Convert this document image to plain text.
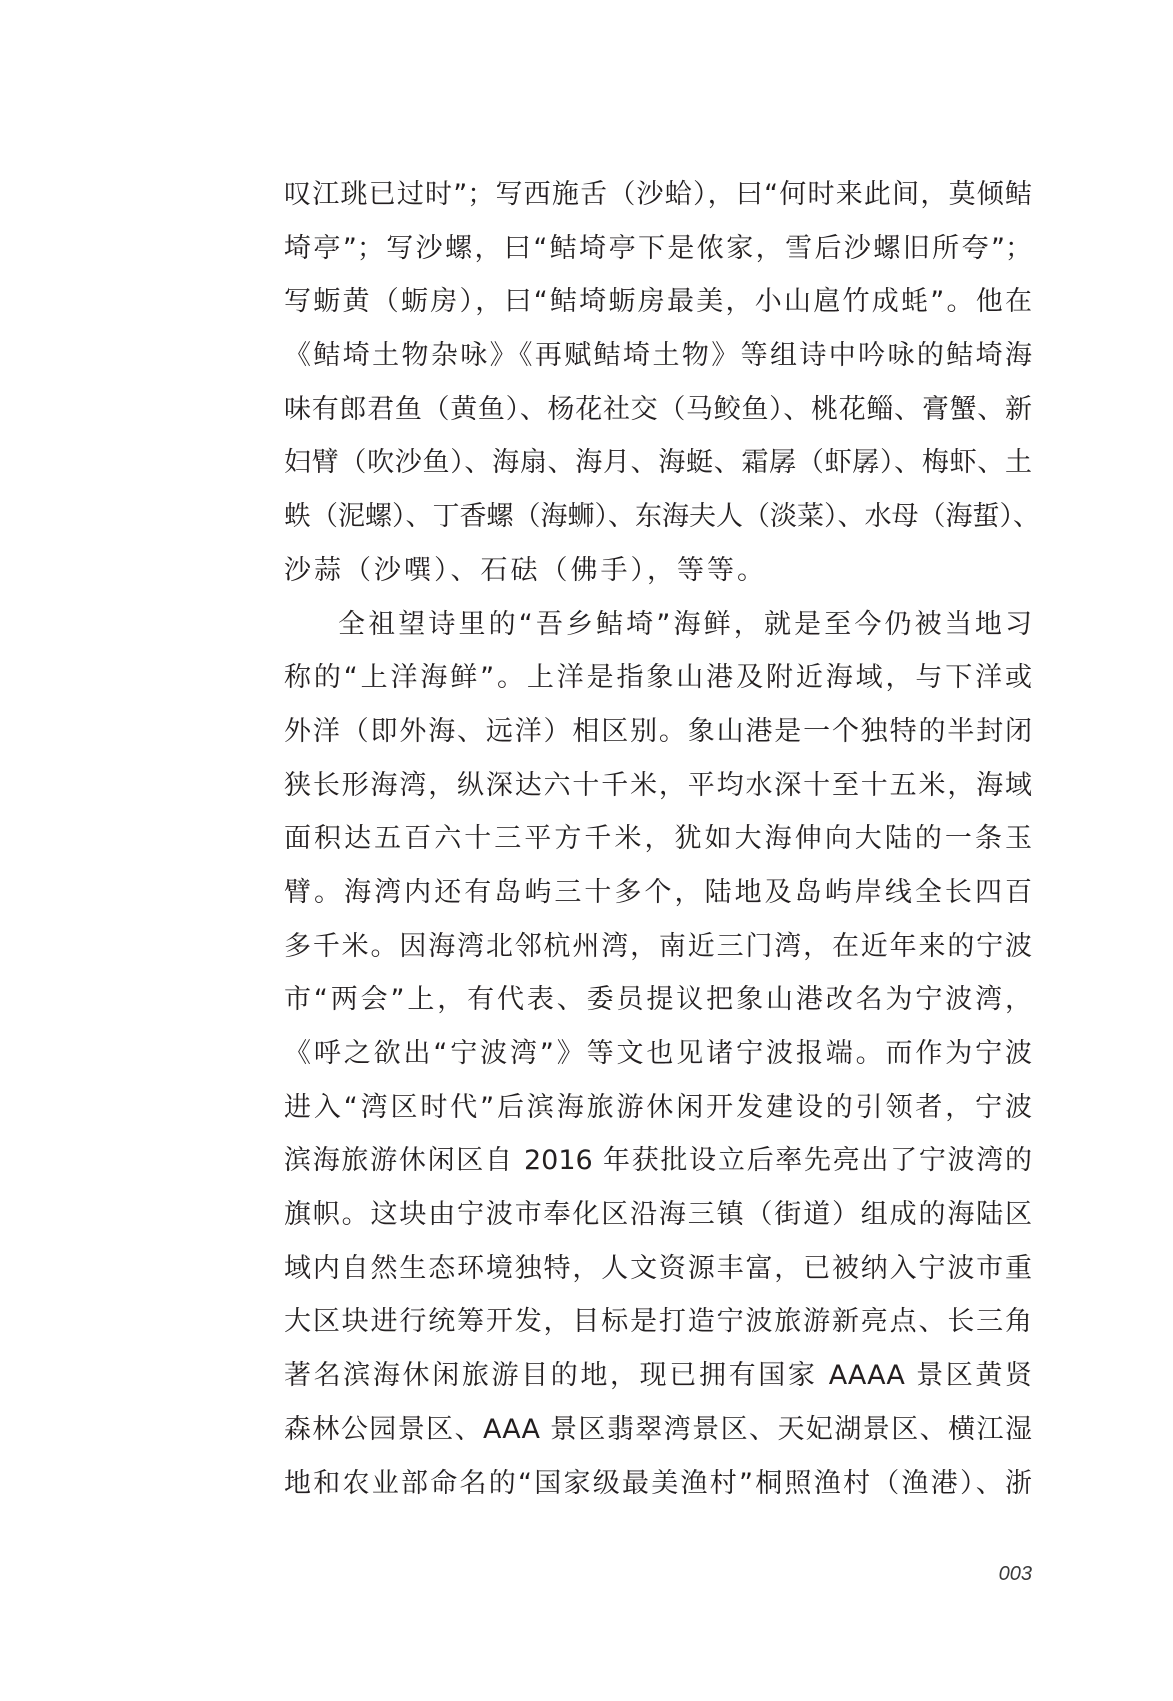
叹江珧已过时”；写西施舌（沙蛤），曰“何时来此间，莫倾鲒
埼亭”；写沙螺，曰“鲒埼亭下是侬家，雪后沙螺旧所夸”；
写蛎黄（蛎房），曰“鲒埼蛎房最美，小山扈竹成蚝”。他在
《鲒埼土物杂咏》《再赋鲒埼土物》等组诗中吟咏的鲒埼海
味有郎君鱼（黄鱼）、杨花社交（马鲛鱼）、桃花鲻、膏蟹、新
妇臂（吹沙鱼）、海扇、海月、海蜓、霜孱（虾孱）、梅虾、土
蛈（泥螺）、丁香螺（海蛳）、东海夫人（淡菜）、水母（海蜇）、
沙蒜（沙噀）、石砝（佛手），等等。
全祖望诗里的“吾乡鲒埼”海鲜，就是至今仍被当地习
称的“上洋海鲜”。上洋是指象山港及附近海域，与下洋或
外洋（即外海、远洋）相区别。象山港是一个独特的半封闭
狭长形海湾，纵深达六十千米，平均水深十至十五米，海域
面积达五百六十三平方千米，犹如大海伸向大陆的一条玉
臂。海湾内还有岛屿三十多个，陆地及岛屿岸线全长四百
多千米。因海湾北邻杭州湾，南近三门湾，在近年来的宁波
市“两会”上，有代表、委员提议把象山港改名为宁波湾，
《呼之欲出“宁波湾”》等文也见诸宁波报端。而作为宁波
进入“湾区时代”后滨海旅游休闲开发建设的引领者，宁波
滨海旅游休闲区自 2016 年获批设立后率先亮出了宁波湾的
旗帜。这块由宁波市奉化区沿海三镇（街道）组成的海陆区
域内自然生态环境独特，人文资源丰富，已被纳入宁波市重
大区块进行统筹开发，目标是打造宁波旅游新亮点、长三角
著名滨海休闲旅游目的地，现已拥有国家 AAAA 景区黄贤
森林公园景区、AAA 景区翡翠湾景区、天妃湖景区、横江湿
地和农业部命名的“国家级最美渔村”桐照渔村（渔港）、浙
003
